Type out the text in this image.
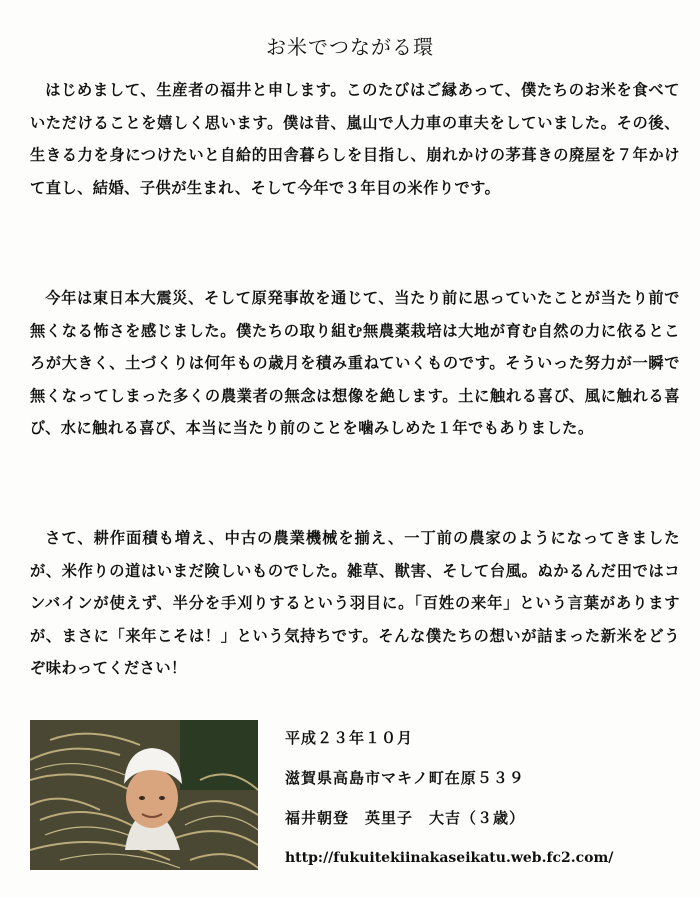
お米でつながる環

はじめまして、生産者の福井と申します。このたびはご縁あって、僕たちのお米を食べていただけることを嬉しく思います。僕は昔、嵐山で人力車の車夫をしていました。その後、生きる力を身につけたいと自給的田舎暮らしを目指し、崩れかけの茅葺きの廃屋を７年かけて直し、結婚、子供が生まれ、そして今年で３年目の米作りです。

今年は東日本大震災、そして原発事故を通じて、当たり前に思っていたことが当たり前で無くなる怖さを感じました。僕たちの取り組む無農薬栽培は大地が育む自然の力に依るところが大きく、土づくりは何年もの歳月を積み重ねていくものです。そういった努力が一瞬で無くなってしまった多くの農業者の無念は想像を絶します。土に触れる喜び、風に触れる喜び、水に触れる喜び、本当に当たり前のことを噛みしめた１年でもありました。

さて、耕作面積も増え、中古の農業機械を揃え、一丁前の農家のようになってきましたが、米作りの道はいまだ険しいものでした。雑草、獣害、そして台風。ぬかるんだ田ではコンバインが使えず、半分を手刈りするという羽目に。「百姓の来年」という言葉がありますが、まさに「来年こそは！」という気持ちです。そんな僕たちの想いが詰まった新米をどうぞ味わってください！

平成２３年１０月
滋賀県高島市マキノ町在原５３９
福井朝登　英里子　大吉（３歳）
http://fukuitekiinakaseikatu.web.fc2.com/
